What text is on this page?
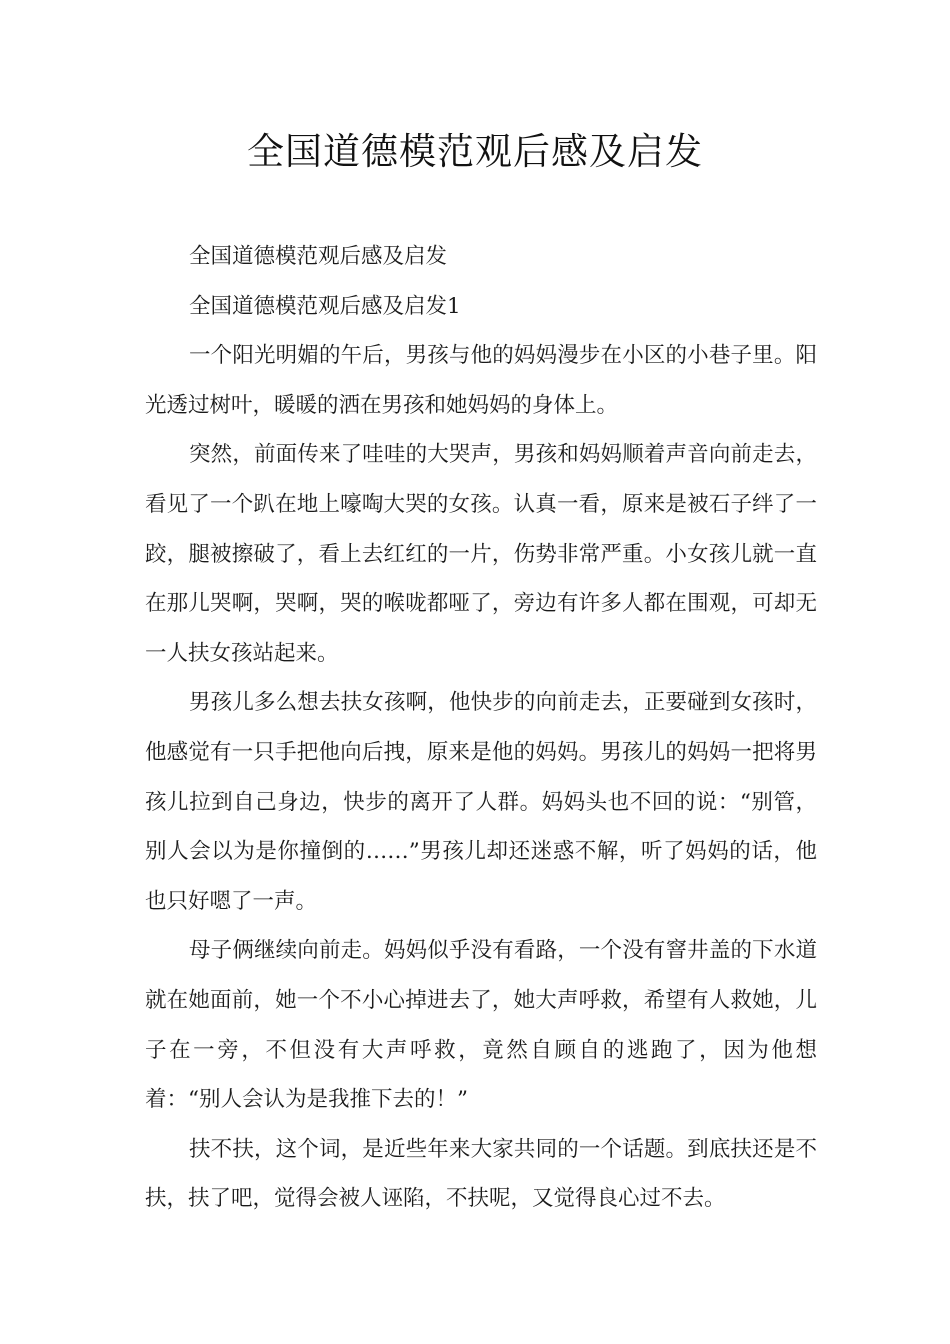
全国道德模范观后感及启发

全国道德模范观后感及启发

全国道德模范观后感及启发1

一个阳光明媚的午后，男孩与他的妈妈漫步在小区的小巷子里。阳光透过树叶，暖暖的洒在男孩和她妈妈的身体上。

突然，前面传来了哇哇的大哭声，男孩和妈妈顺着声音向前走去，看见了一个趴在地上嚎啕大哭的女孩。认真一看，原来是被石子绊了一跤，腿被擦破了，看上去红红的一片，伤势非常严重。小女孩儿就一直在那儿哭啊，哭啊，哭的喉咙都哑了，旁边有许多人都在围观，可却无一人扶女孩站起来。

男孩儿多么想去扶女孩啊，他快步的向前走去，正要碰到女孩时，他感觉有一只手把他向后拽，原来是他的妈妈。男孩儿的妈妈一把将男孩儿拉到自己身边，快步的离开了人群。妈妈头也不回的说：“别管，别人会以为是你撞倒的……”男孩儿却还迷惑不解，听了妈妈的话，他也只好嗯了一声。

母子俩继续向前走。妈妈似乎没有看路，一个没有窨井盖的下水道就在她面前，她一个不小心掉进去了，她大声呼救，希望有人救她，儿子在一旁，不但没有大声呼救，竟然自顾自的逃跑了，因为他想着：“别人会认为是我推下去的！”

扶不扶，这个词，是近些年来大家共同的一个话题。到底扶还是不扶，扶了吧，觉得会被人诬陷，不扶呢，又觉得良心过不去。
